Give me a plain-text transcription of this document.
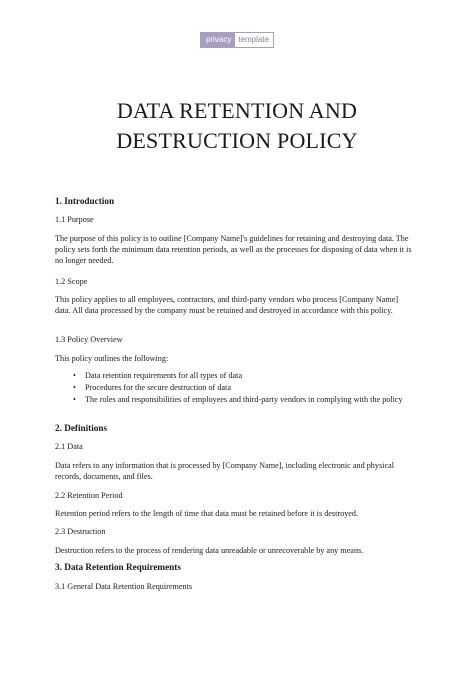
privacy template
DATA RETENTION AND
DESTRUCTION POLICY

1. Introduction

1.1 Purpose

The purpose of this policy is to outline [Company Name]'s guidelines for retaining and destroying data. The policy sets forth the minimum data retention periods, as well as the processes for disposing of data when it is no longer needed.

1.2 Scope

This policy applies to all employees, contractors, and third-party vendors who process [Company Name] data. All data processed by the company must be retained and destroyed in accordance with this policy.

1.3 Policy Overview

This policy outlines the following:

•	Data retention requirements for all types of data

•	Procedures for the secure destruction of data

•	The roles and responsibilities of employees and third-party vendors in complying with the policy

2. Definitions

2.1 Data

Data refers to any information that is processed by [Company Name], including electronic and physical records, documents, and files.

2.2 Retention Period

Retention period refers to the length of time that data must be retained before it is destroyed.

2.3 Destruction

Destruction refers to the process of rendering data unreadable or unrecoverable by any means.

3. Data Retention Requirements

3.1 General Data Retention Requirements
